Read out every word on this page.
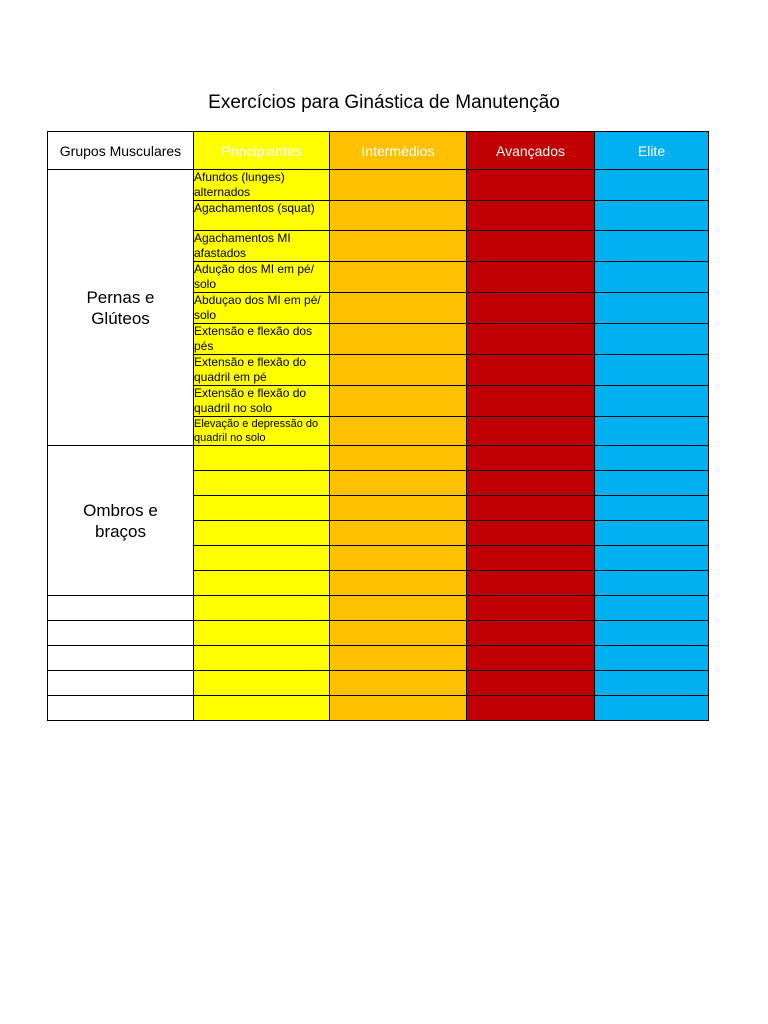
Exercícios para Ginástica de Manutenção
Grupos Musculares	Principiantes	Intermédios	Avançados	Elite
Pernas e Glúteos	Afundos (lunges) alternados			
	Agachamentos (squat)			
	Agachamentos MI afastados			
	Adução dos MI em pé/ solo			
	Abduçao dos MI em pé/ solo			
	Extensão e flexão dos pés			
	Extensão e flexão do quadril em pé			
	Extensão e flexão do quadril no solo			
	Elevação e depressão do quadril no solo			
Ombros e braços				
